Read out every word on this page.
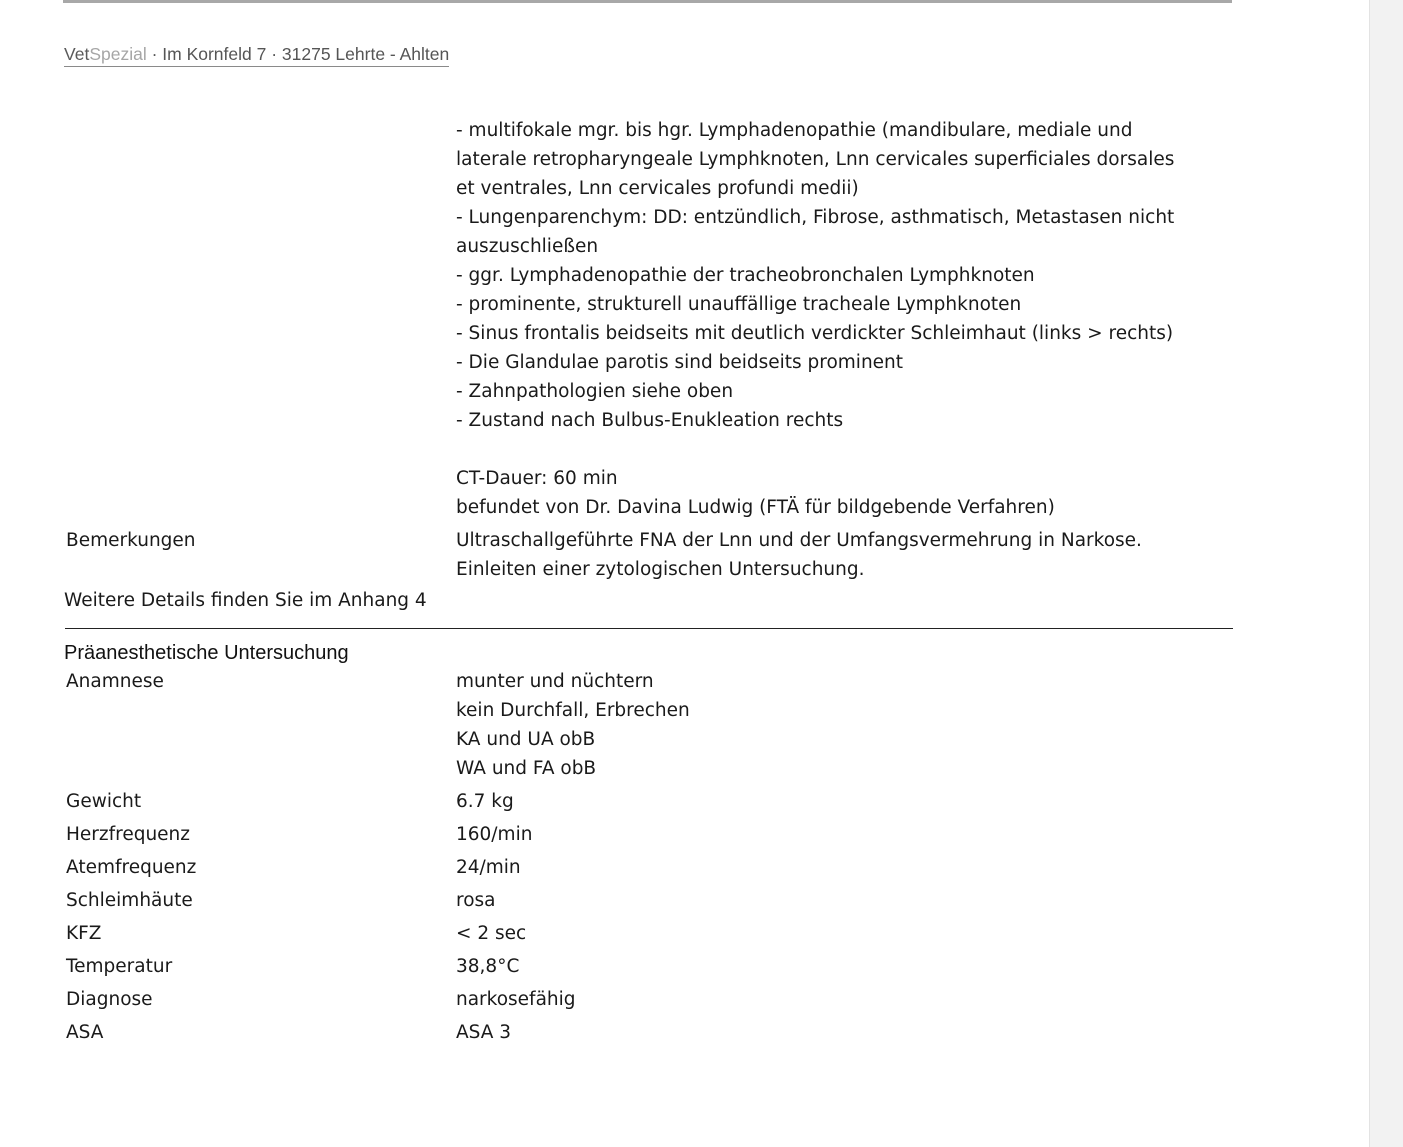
VetSpezial · Im Kornfeld 7 · 31275 Lehrte - Ahlten
- multifokale mgr. bis hgr. Lymphadenopathie (mandibulare, mediale und
laterale retropharyngeale Lymphknoten, Lnn cervicales superficiales dorsales
et ventrales, Lnn cervicales profundi medii)
- Lungenparenchym: DD: entzündlich, Fibrose, asthmatisch, Metastasen nicht
auszuschließen
- ggr. Lymphadenopathie der tracheobronchalen Lymphknoten
- prominente, strukturell unauffällige tracheale Lymphknoten
- Sinus frontalis beidseits mit deutlich verdickter Schleimhaut (links > rechts)
- Die Glandulae parotis sind beidseits prominent
- Zahnpathologien siehe oben
- Zustand nach Bulbus-Enukleation rechts
CT-Dauer: 60 min
befundet von Dr. Davina Ludwig (FTÄ für bildgebende Verfahren)
Bemerkungen	Ultraschallgeführte FNA der Lnn und der Umfangsvermehrung in Narkose.
Einleiten einer zytologischen Untersuchung.
Weitere Details finden Sie im Anhang 4
Präanesthetische Untersuchung
Anamnese	munter und nüchtern
kein Durchfall, Erbrechen
KA und UA obB
WA und FA obB
Gewicht	6.7 kg
Herzfrequenz	160/min
Atemfrequenz	24/min
Schleimhäute	rosa
KFZ	< 2 sec
Temperatur	38,8°C
Diagnose	narkosefähig
ASA	ASA 3
